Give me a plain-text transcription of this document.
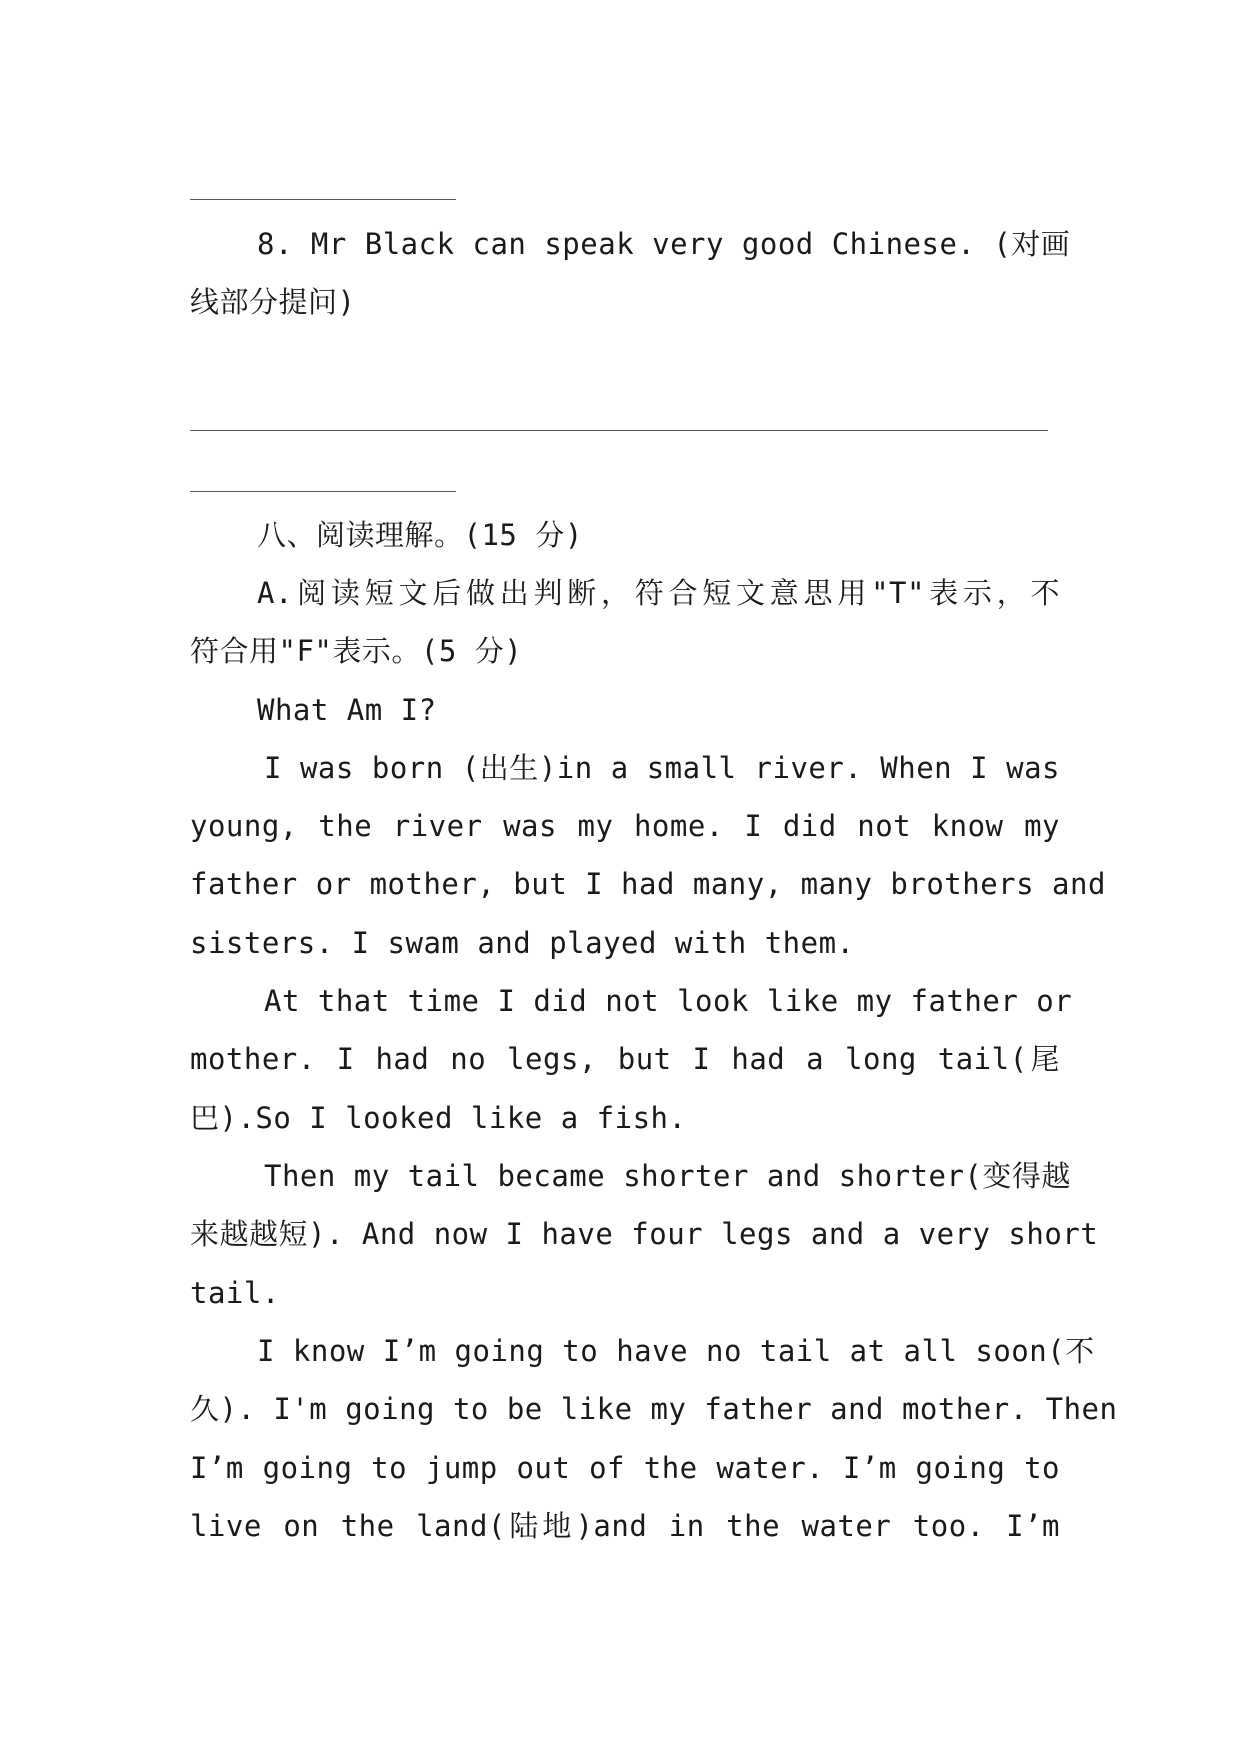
8. Mr Black can speak very good Chinese. (对画
线部分提问)
八、阅读理解。(15 分)
A.阅读短文后做出判断，符合短文意思用"T"表示，不
符合用"F"表示。(5 分)
What Am I?
I was born (出生)in a small river. When I was
young, the river was my home. I did not know my
father or mother, but I had many, many brothers and
sisters. I swam and played with them.
At that time I did not look like my father or
mother. I had no legs, but I had a long tail(尾
巴).So I looked like a fish.
Then my tail became shorter and shorter(变得越
来越越短). And now I have four legs and a very short
tail.
I know I’m going to have no tail at all soon(不
久). I'm going to be like my father and mother. Then
I’m going to jump out of the water. I’m going to
live on the land(陆地)and in the water too. I’m
